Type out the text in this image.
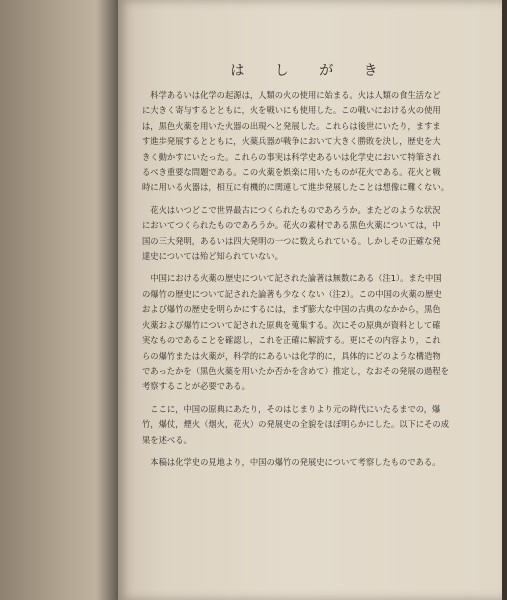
は し が き

　科学あるいは化学の起源は，人類の火の使用に始まる。火は人類の食生活など

に大きく寄与するとともに，火を戦いにも使用した。この戦いにおける火の使用

は，黒色火薬を用いた火器の出現へと発展した。これらは後世にいたり，ますま

す進歩発展するとともに，火薬兵器が戦争において大きく勝敗を決し，歴史を大

きく動かすにいたった。これらの事実は科学史あるいは化学史において特筆され

るべき重要な問題である。この火薬を娯楽に用いたものが花火である。花火と戦

時に用いる火器は，相互に有機的に関連して進歩発展したことは想像に難くない。

　花火はいつどこで世界最古につくられたものであろうか。またどのような状況

においてつくられたものであろうか。花火の素材である黒色火薬については，中

国の三大発明，あるいは四大発明の一つに数えられている。しかしその正確な発

達史については殆ど知られていない。

　中国における火薬の歴史について記された論著は無数にある（注1）。また中国

の爆竹の歴史について記された論著も少なくない（注2）。この中国の火薬の歴史

および爆竹の歴史を明らかにするには，まず膨大な中国の古典のなかから，黒色

火薬および爆竹について記された原典を蒐集する。次にその原典が資料として確

実なものであることを確認し，これを正確に解読する。更にその内容より，これ

らの爆竹または火薬が，科学的にあるいは化学的に，具体的にどのような構造物

であったかを（黒色火薬を用いたか否かを含めて）推定し，なおその発展の過程を

考察することが必要である。

　ここに，中国の原典にあたり，そのはじまりより元の時代にいたるまでの，爆

竹，爆仗，煙火（烟火，花火）の発展史の全貌をほぼ明らかにした。以下にその成

果を述べる。

　本稿は化学史の見地より，中国の爆竹の発展史について考察したものである。
